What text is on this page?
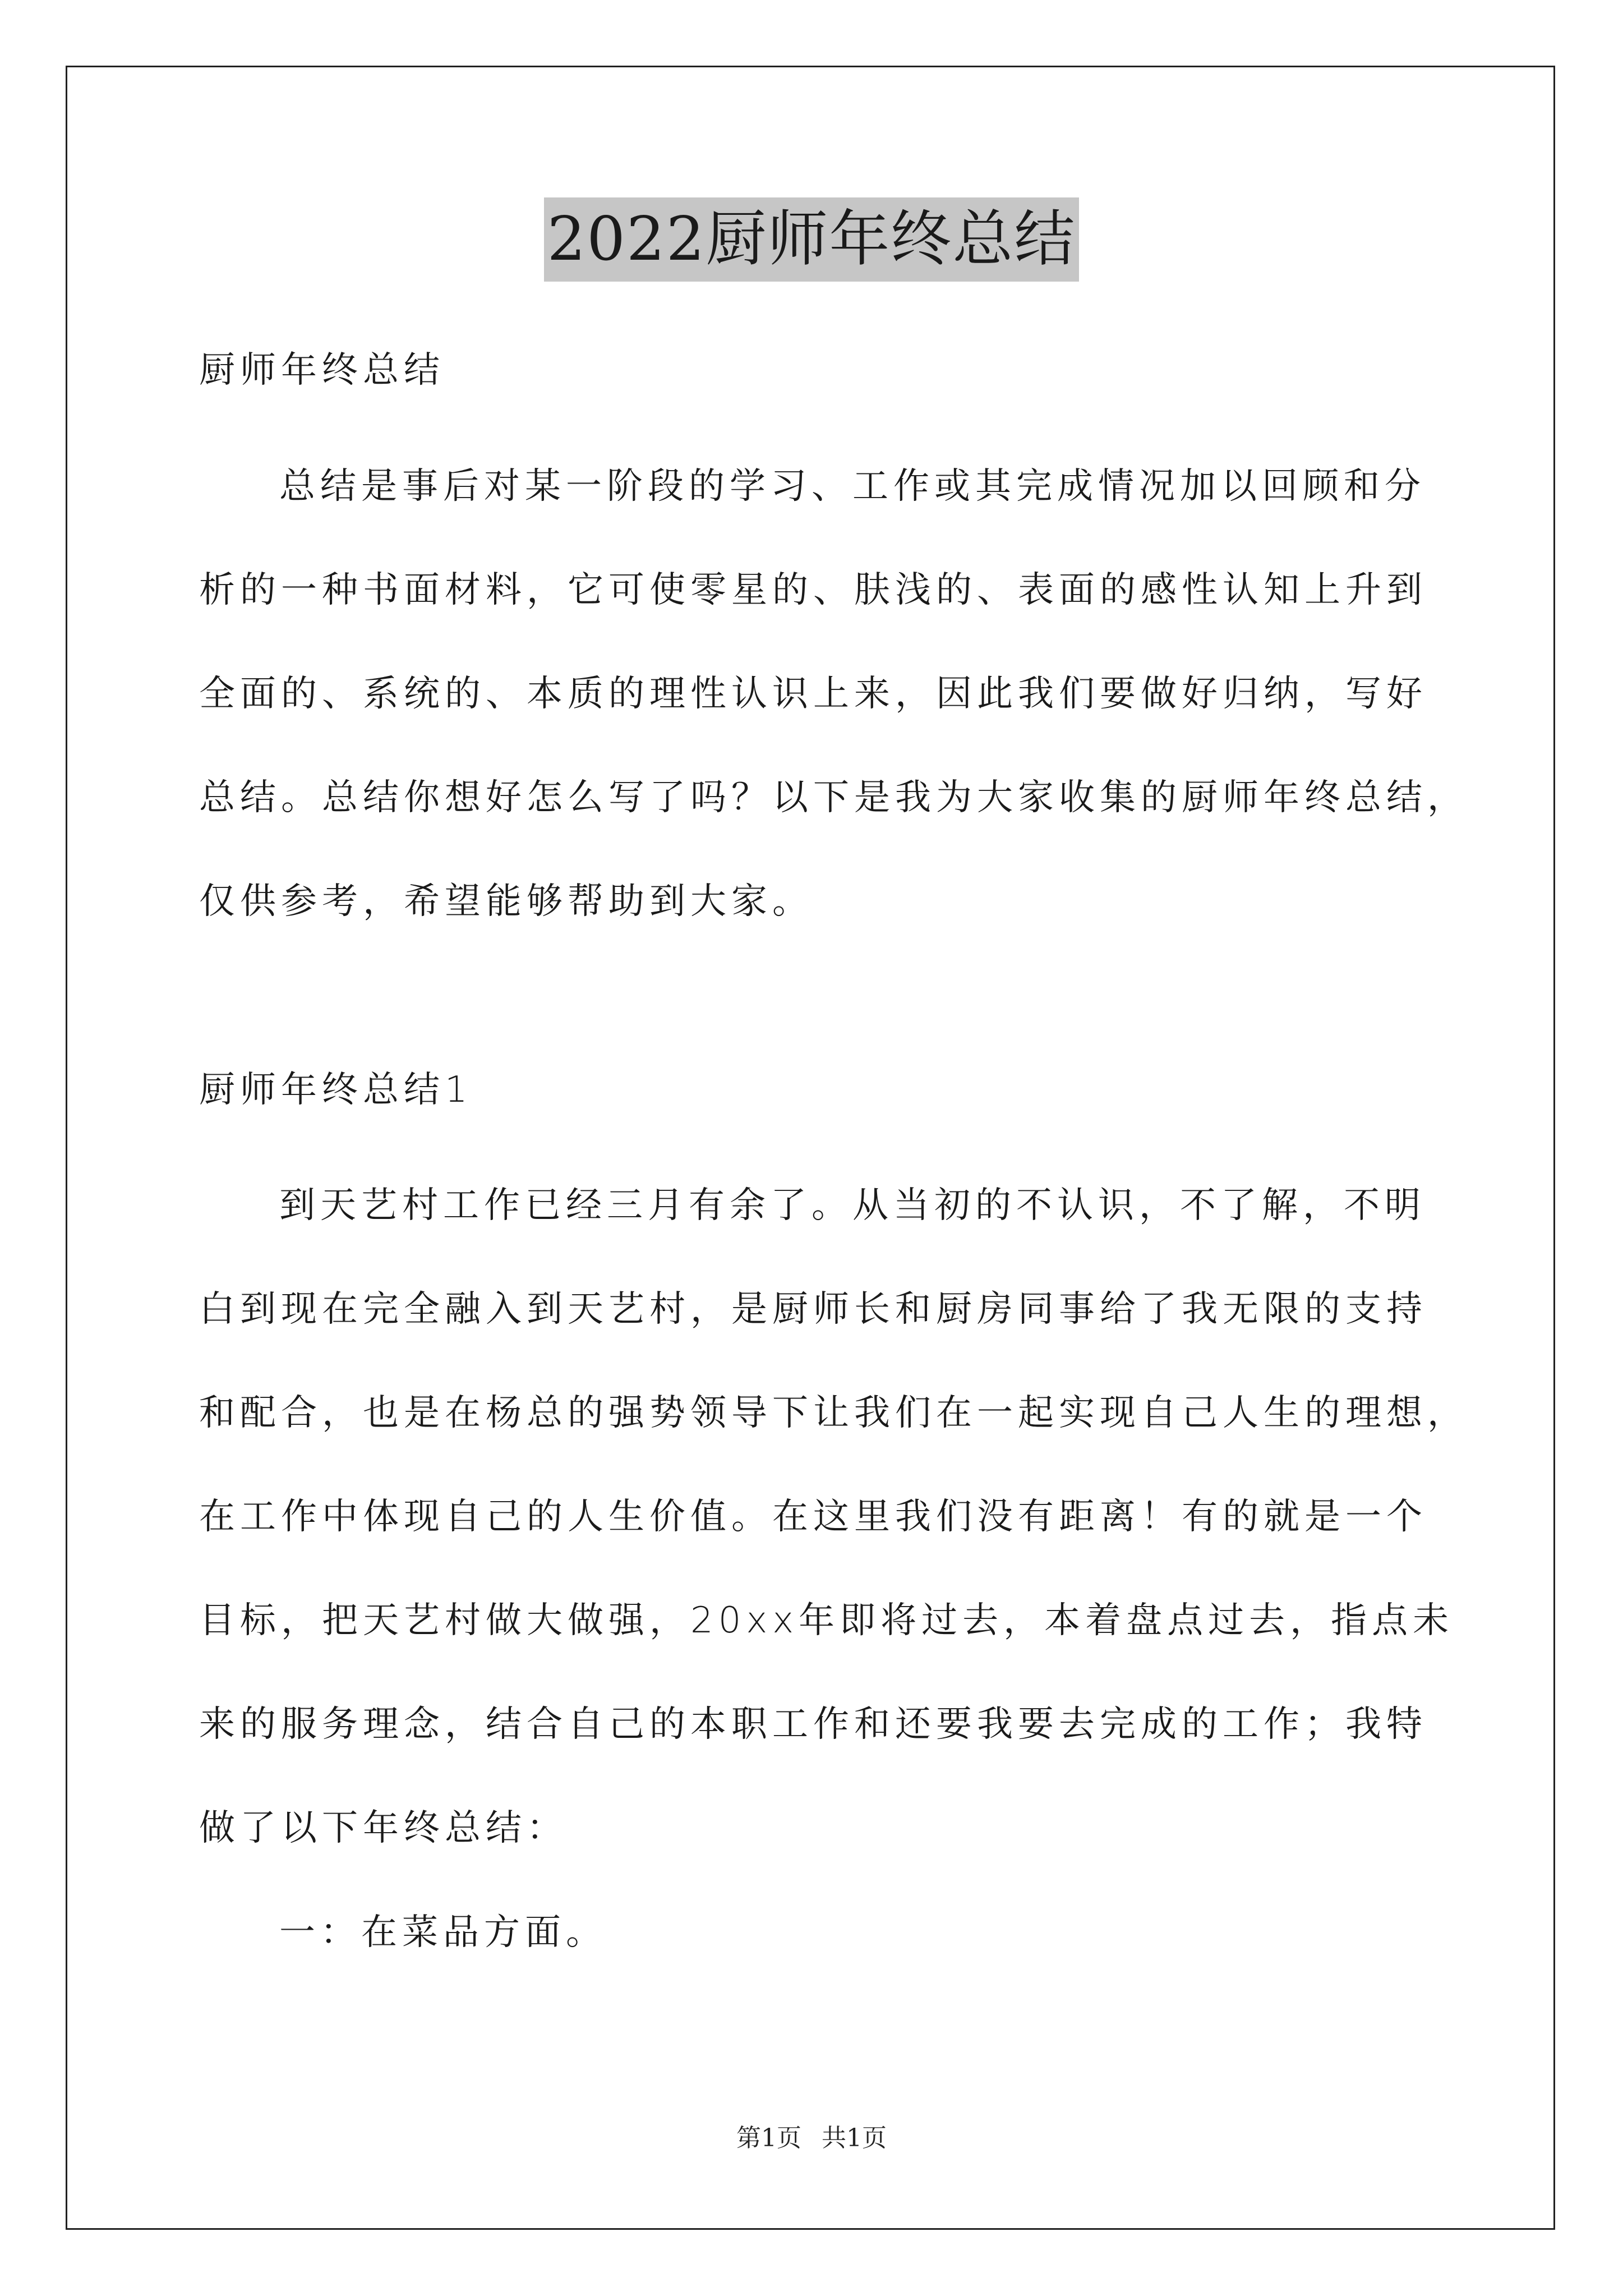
2022厨师年终总结
厨师年终总结
总结是事后对某一阶段的学习、工作或其完成情况加以回顾和分
析的一种书面材料，它可使零星的、肤浅的、表面的感性认知上升到
全面的、系统的、本质的理性认识上来，因此我们要做好归纳，写好
总结。总结你想好怎么写了吗？以下是我为大家收集的厨师年终总结，
仅供参考，希望能够帮助到大家。
厨师年终总结1
到天艺村工作已经三月有余了。从当初的不认识，不了解，不明
白到现在完全融入到天艺村，是厨师长和厨房同事给了我无限的支持
和配合，也是在杨总的强势领导下让我们在一起实现自己人生的理想，
在工作中体现自己的人生价值。在这里我们没有距离！有的就是一个
目标，把天艺村做大做强，20xx年即将过去，本着盘点过去，指点未
来的服务理念，结合自己的本职工作和还要我要去完成的工作；我特
做了以下年终总结：
一：在菜品方面。
第1页 共1页
